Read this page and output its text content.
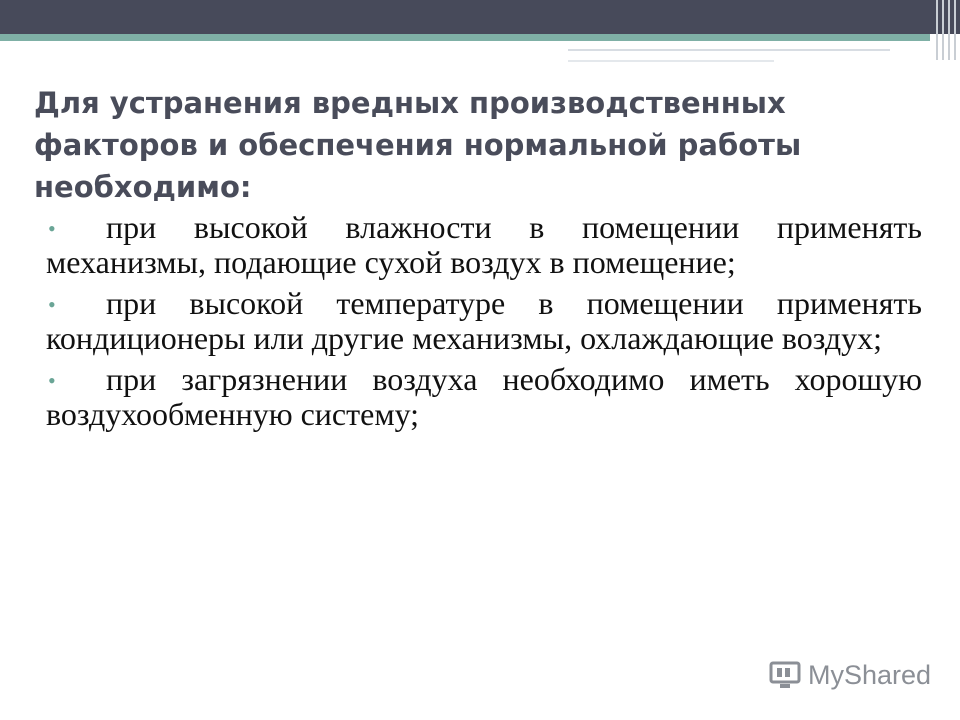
Для устранения вредных производственных факторов и обеспечения нормальной работы необходимо:
• при высокой влажности в помещении применять механизмы, подающие сухой воздух в помещение;
• при высокой температуре в помещении применять кондиционеры или другие механизмы, охлаждающие воздух;
• при загрязнении воздуха необходимо иметь хорошую воздухообменную систему;
MyShared
